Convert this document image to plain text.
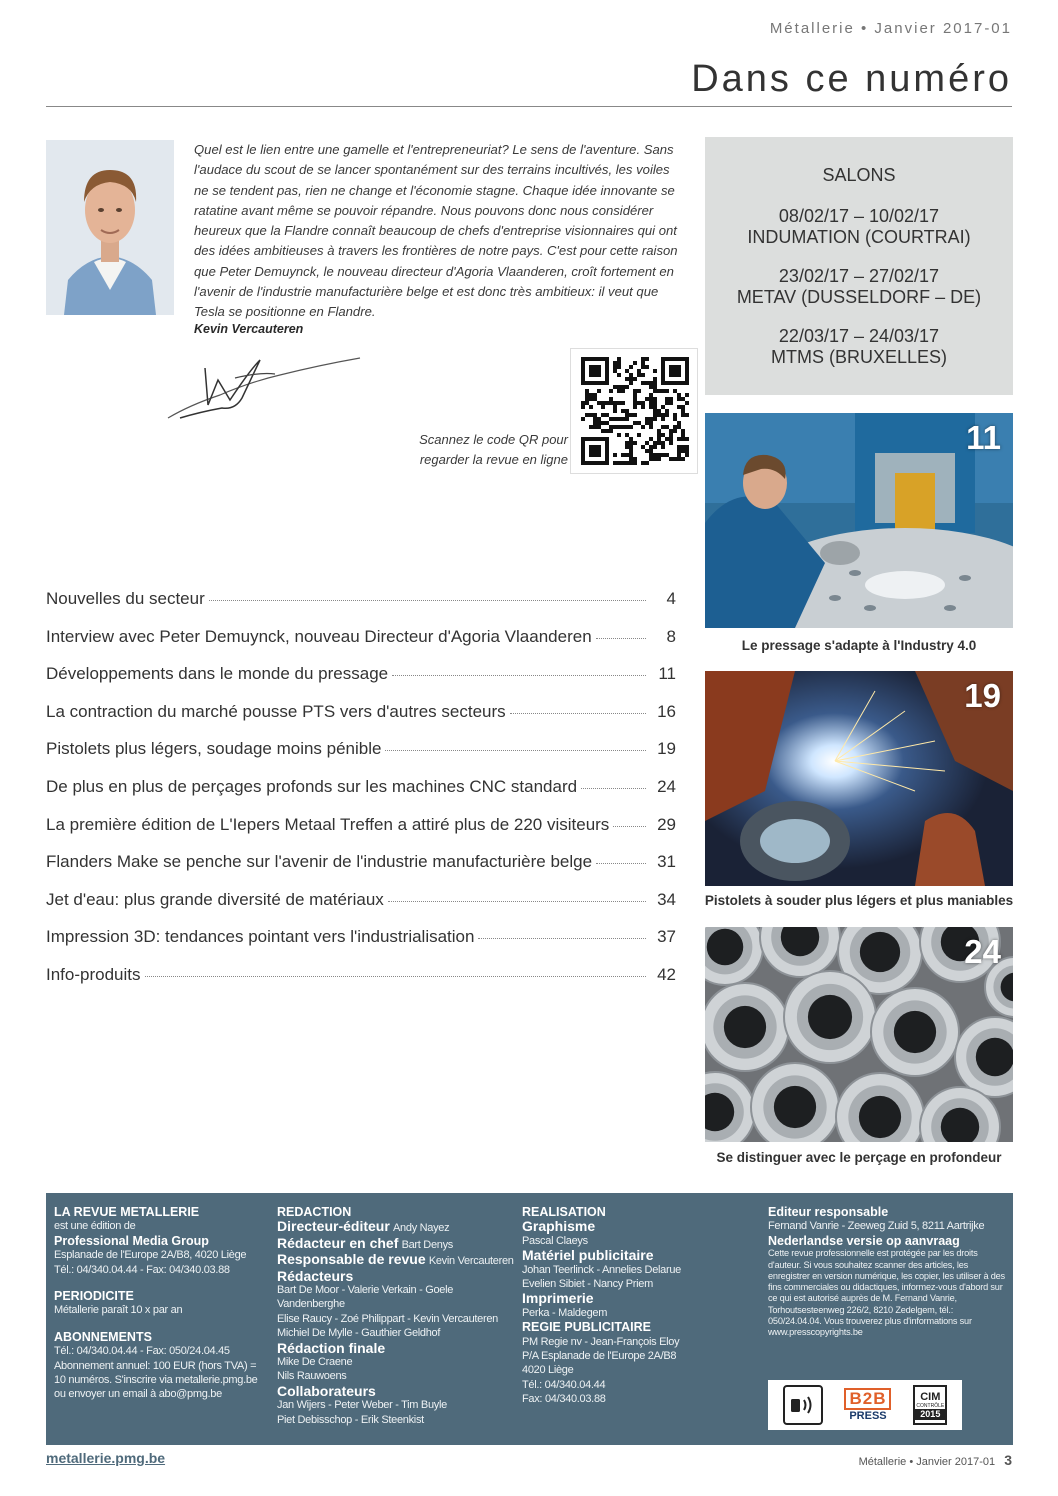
Métallerie • Janvier 2017-01
Dans ce numéro

Quel est le lien entre une gamelle et l'entrepreneuriat? Le sens de l'aventure. Sans l'audace du scout de se lancer spontanément sur des terrains incultivés, les voiles ne se tendent pas, rien ne change et l'économie stagne. Chaque idée innovante se ratatine avant même se pouvoir répandre. Nous pouvons donc nous considérer heureux que la Flandre connaît beaucoup de chefs d'entreprise visionnaires qui ont des idées ambitieuses à travers les frontières de notre pays. C'est pour cette raison que Peter Demuynck, le nouveau directeur d'Agoria Vlaanderen, croît fortement en l'avenir de l'industrie manufacturière belge et est donc très ambitieux: il veut que Tesla se positionne en Flandre.

Kevin Vercauteren
Scannez le code QR pour
regarder la revue en ligne
SALONS
08/02/17 – 10/02/17
INDUMATION (COURTRAI)
23/02/17 – 27/02/17
METAV (DUSSELDORF – DE)
22/03/17 – 24/03/17
MTMS (BRUXELLES)
Nouvelles du secteur	4
Interview avec Peter Demuynck, nouveau Directeur d'Agoria Vlaanderen	8
Développements dans le monde du pressage	11
La contraction du marché pousse PTS vers d'autres secteurs	16
Pistolets plus légers, soudage moins pénible	19
De plus en plus de perçages profonds sur les machines CNC standard	24
La première édition de L'Iepers Metaal Treffen a attiré plus de 220 visiteurs	29
Flanders Make se penche sur l'avenir de l'industrie manufacturière belge	31
Jet d'eau: plus grande diversité de matériaux	34
Impression 3D: tendances pointant vers l'industrialisation	37
Info-produits	42
11
Le pressage s'adapte à l'Industry 4.0
19
Pistolets à souder plus légers et plus maniables
24
Se distinguer avec le perçage en profondeur
LA REVUE METALLERIE
est une édition de
Professional Media Group
Esplanade de l'Europe 2A/B8, 4020 Liège
Tél.: 04/340.04.44 - Fax: 04/340.03.88
PERIODICITE
Métallerie paraît 10 x par an
ABONNEMENTS
Tél.: 04/340.04.44 - Fax: 050/24.04.45
Abonnement annuel: 100 EUR (hors TVA) =
10 numéros. S'inscrire via metallerie.pmg.be
ou envoyer un email à abo@pmg.be
REDACTION
Directeur-éditeur Andy Nayez
Rédacteur en chef Bart Denys
Responsable de revue Kevin Vercauteren
Rédacteurs
Bart De Moor - Valerie Verkain - Goele Vandenberghe
Elise Raucy - Zoé Philippart - Kevin Vercauteren
Michiel De Mylle - Gauthier Geldhof
Rédaction finale
Mike De Craene
Nils Rauwoens
Collaborateurs
Jan Wijers - Peter Weber - Tim Buyle
Piet Debisschop - Erik Steenkist
REALISATION
Graphisme
Pascal Claeys
Matériel publicitaire
Johan Teerlinck - Annelies Delarue
Evelien Sibiet - Nancy Priem
Imprimerie
Perka - Maldegem
REGIE PUBLICITAIRE
PM Regie nv - Jean-François Eloy
P/A Esplanade de l'Europe 2A/B8
4020 Liège
Tél.: 04/340.04.44
Fax: 04/340.03.88
Editeur responsable
Fernand Vanrie - Zeeweg Zuid 5, 8211 Aartrijke
Nederlandse versie op aanvraag
Cette revue professionnelle est protégée par les droits d'auteur. Si vous souhaitez scanner des articles, les enregistrer en version numérique, les copier, les utiliser à des fins commerciales ou didactiques, informez-vous d'abord sur ce qui est autorisé auprès de M. Fernand Vanrie, Torhoutsesteenweg 226/2, 8210 Zedelgem, tél.: 050/24.04.04. Vous trouverez plus d'informations sur www.presscopyrights.be
B2B
PRESS
CIM
CONTRÔLE
2015
metallerie.pmg.be	Métallerie • Janvier 2017-01 3
